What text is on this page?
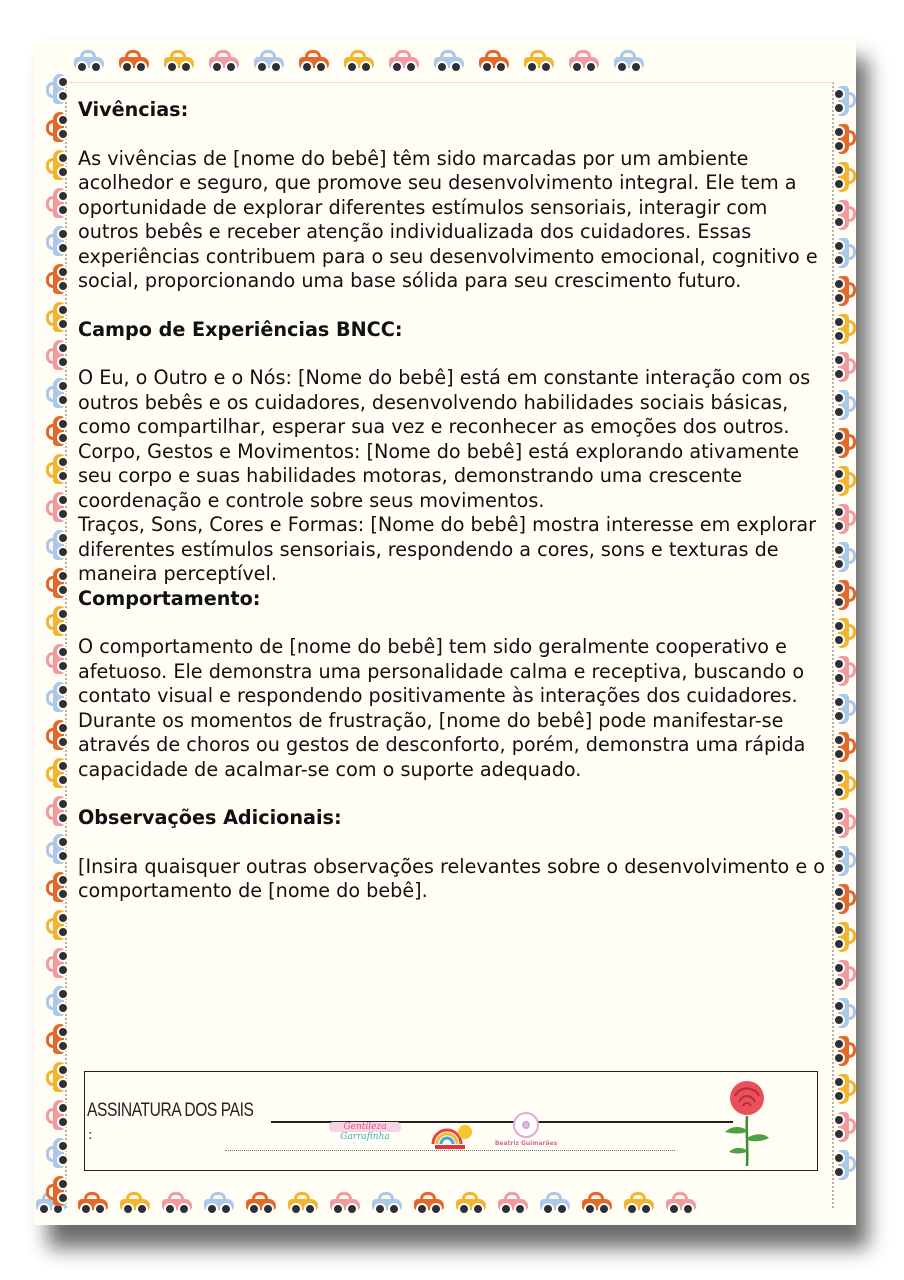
Vivências:

As vivências de [nome do bebê] têm sido marcadas por um ambiente acolhedor e seguro, que promove seu desenvolvimento integral. Ele tem a oportunidade de explorar diferentes estímulos sensoriais, interagir com outros bebês e receber atenção individualizada dos cuidadores. Essas experiências contribuem para o seu desenvolvimento emocional, cognitivo e social, proporcionando uma base sólida para seu crescimento futuro.

Campo de Experiências BNCC:

O Eu, o Outro e o Nós: [Nome do bebê] está em constante interação com os outros bebês e os cuidadores, desenvolvendo habilidades sociais básicas, como compartilhar, esperar sua vez e reconhecer as emoções dos outros.

Corpo, Gestos e Movimentos: [Nome do bebê] está explorando ativamente seu corpo e suas habilidades motoras, demonstrando uma crescente coordenação e controle sobre seus movimentos.

Traços, Sons, Cores e Formas: [Nome do bebê] mostra interesse em explorar diferentes estímulos sensoriais, respondendo a cores, sons e texturas de maneira perceptível.

Comportamento:

O comportamento de [nome do bebê] tem sido geralmente cooperativo e afetuoso. Ele demonstra uma personalidade calma e receptiva, buscando o contato visual e respondendo positivamente às interações dos cuidadores. Durante os momentos de frustração, [nome do bebê] pode manifestar-se através de choros ou gestos de desconforto, porém, demonstra uma rápida capacidade de acalmar-se com o suporte adequado.

Observações Adicionais:

[Insira quaisquer outras observações relevantes sobre o desenvolvimento e o comportamento de [nome do bebê].

ASSINATURA DOS PAIS
:
Gentileza
Garrafinha
Beatriz Guimarães
